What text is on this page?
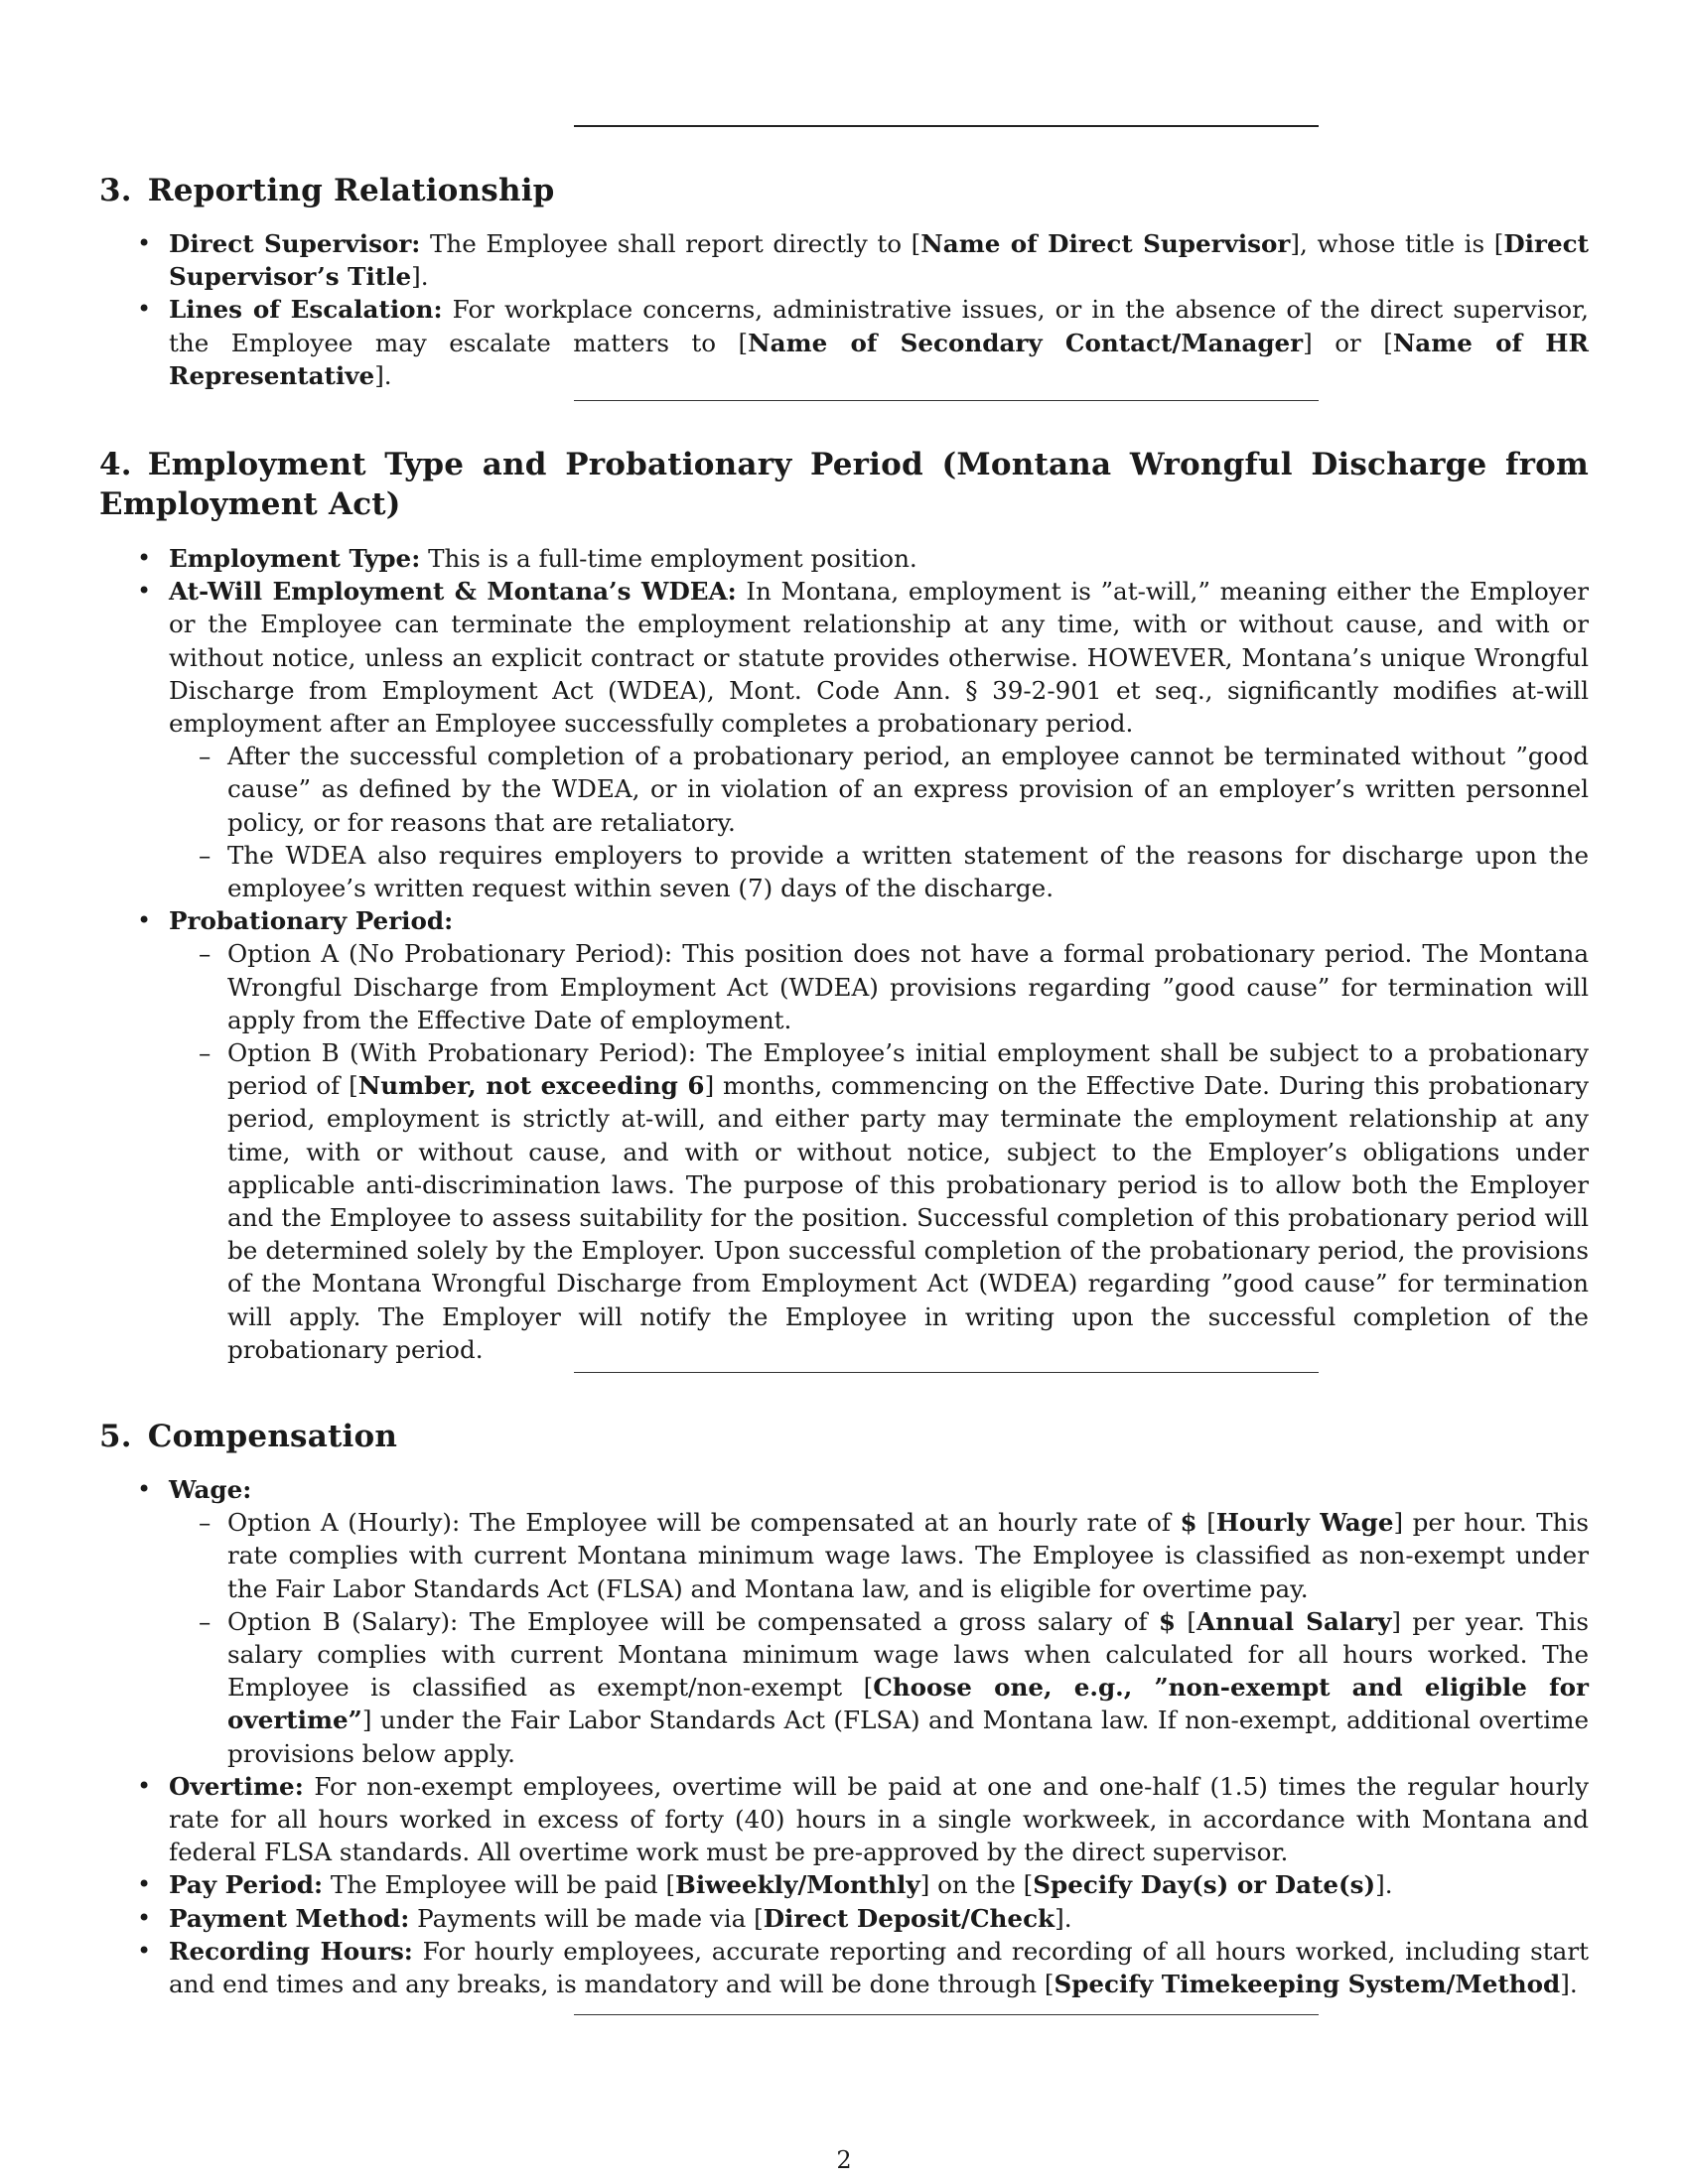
3. Reporting Relationship
• Direct Supervisor: The Employee shall report directly to [Name of Direct Supervisor], whose title is [Direct Supervisor’s Title].
• Lines of Escalation: For workplace concerns, administrative issues, or in the absence of the direct supervisor, the Employee may escalate matters to [Name of Secondary Contact/Manager] or [Name of HR Representative].
4. Employment Type and Probationary Period (Montana Wrongful Discharge from Employment Act)
• Employment Type: This is a full-time employment position.
• At-Will Employment & Montana’s WDEA: In Montana, employment is ”at-will,” meaning either the Employer or the Employee can terminate the employment relationship at any time, with or without cause, and with or without notice, unless an explicit contract or statute provides otherwise. HOWEVER, Montana’s unique Wrongful Discharge from Employment Act (WDEA), Mont. Code Ann. § 39-2-901 et seq., significantly modifies at-will employment after an Employee successfully completes a probationary period.
– After the successful completion of a probationary period, an employee cannot be terminated without ”good cause” as defined by the WDEA, or in violation of an express provision of an employer’s written personnel policy, or for reasons that are retaliatory.
– The WDEA also requires employers to provide a written statement of the reasons for discharge upon the employee’s written request within seven (7) days of the discharge.
• Probationary Period:
– Option A (No Probationary Period): This position does not have a formal probationary period. The Montana Wrongful Discharge from Employment Act (WDEA) provisions regarding ”good cause” for termination will apply from the Effective Date of employment.
– Option B (With Probationary Period): The Employee’s initial employment shall be subject to a probationary period of [Number, not exceeding 6] months, commencing on the Effective Date. During this probationary period, employment is strictly at-will, and either party may terminate the employment relationship at any time, with or without cause, and with or without notice, subject to the Employer’s obligations under applicable anti-discrimination laws. The purpose of this probationary period is to allow both the Employer and the Employee to assess suitability for the position. Successful completion of this probationary period will be determined solely by the Employer. Upon successful completion of the probationary period, the provisions of the Montana Wrongful Discharge from Employment Act (WDEA) regarding ”good cause” for termination will apply. The Employer will notify the Employee in writing upon the successful completion of the probationary period.
5. Compensation
• Wage:
– Option A (Hourly): The Employee will be compensated at an hourly rate of $ [Hourly Wage] per hour. This rate complies with current Montana minimum wage laws. The Employee is classified as non-exempt under the Fair Labor Standards Act (FLSA) and Montana law, and is eligible for overtime pay.
– Option B (Salary): The Employee will be compensated a gross salary of $ [Annual Salary] per year. This salary complies with current Montana minimum wage laws when calculated for all hours worked. The Employee is classified as exempt/non-exempt [Choose one, e.g., ”non-exempt and eligible for overtime”] under the Fair Labor Standards Act (FLSA) and Montana law. If non-exempt, additional overtime provisions below apply.
• Overtime: For non-exempt employees, overtime will be paid at one and one-half (1.5) times the regular hourly rate for all hours worked in excess of forty (40) hours in a single workweek, in accordance with Montana and federal FLSA standards. All overtime work must be pre-approved by the direct supervisor.
• Pay Period: The Employee will be paid [Biweekly/Monthly] on the [Specify Day(s) or Date(s)].
• Payment Method: Payments will be made via [Direct Deposit/Check].
• Recording Hours: For hourly employees, accurate reporting and recording of all hours worked, including start and end times and any breaks, is mandatory and will be done through [Specify Timekeeping System/Method].
2
